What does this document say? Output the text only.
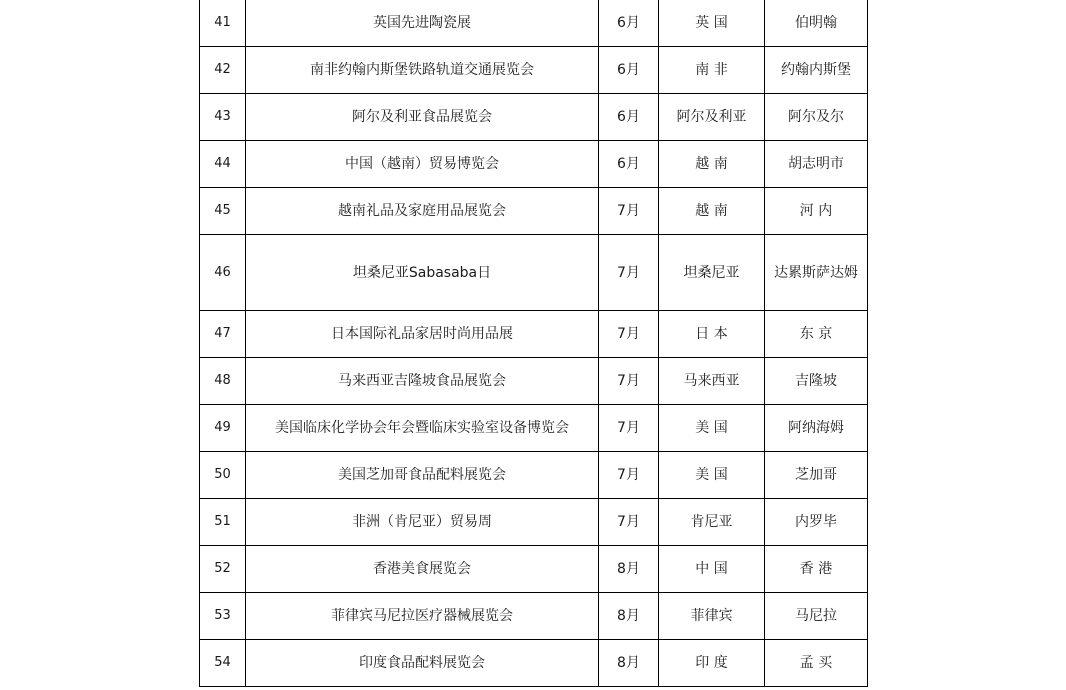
41	英国先进陶瓷展	6月	英 国	伯明翰
42	南非约翰内斯堡铁路轨道交通展览会	6月	南 非	约翰内斯堡
43	阿尔及利亚食品展览会	6月	阿尔及利亚	阿尔及尔
44	中国（越南）贸易博览会	6月	越 南	胡志明市
45	越南礼品及家庭用品展览会	7月	越 南	河 内
46	坦桑尼亚Sabasaba日	7月	坦桑尼亚	达累斯萨达姆
47	日本国际礼品家居时尚用品展	7月	日 本	东 京
48	马来西亚吉隆坡食品展览会	7月	马来西亚	吉隆坡
49	美国临床化学协会年会暨临床实验室设备博览会	7月	美 国	阿纳海姆
50	美国芝加哥食品配料展览会	7月	美 国	芝加哥
51	非洲（肯尼亚）贸易周	7月	肯尼亚	内罗毕
52	香港美食展览会	8月	中 国	香 港
53	菲律宾马尼拉医疗器械展览会	8月	菲律宾	马尼拉
54	印度食品配料展览会	8月	印 度	孟 买
